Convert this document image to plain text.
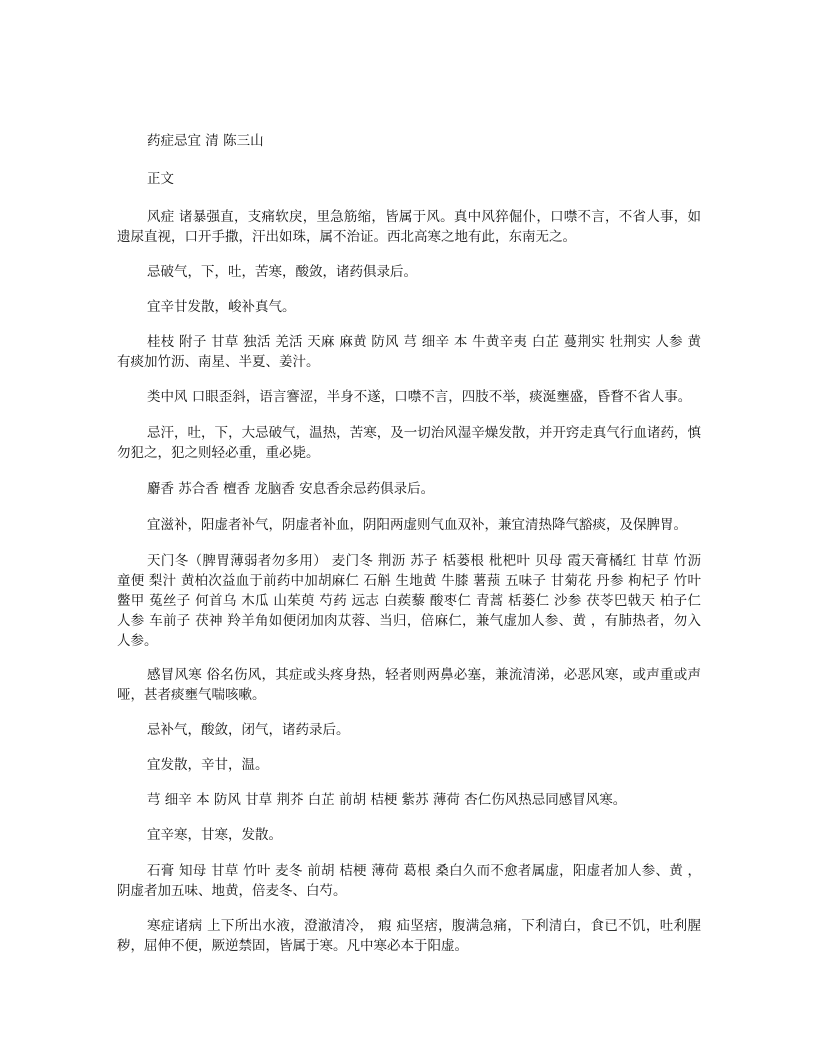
药症忌宜 清 陈三山

正文

风症 诸暴强直，支痛软戾，里急筋缩，皆属于风。真中风猝倔仆，口噤不言，不省人事，如遗尿直视，口开手撒，汗出如珠，属不治证。西北高寒之地有此，东南无之。

忌破气，下，吐，苦寒，酸敛，诸药俱录后。

宜辛甘发散，峻补真气。

桂枝 附子 甘草 独活 羌活 天麻 麻黄 防风 芎 细辛 本 牛黄辛夷 白芷 蔓荆实 牡荆实 人参 黄有痰加竹沥、南星、半夏、姜汁。

类中风 口眼歪斜，语言謇涩，半身不遂，口噤不言，四肢不举，痰涎壅盛，昏瞀不省人事。

忌汗，吐，下，大忌破气，温热，苦寒，及一切治风湿辛燥发散，并开窍走真气行血诸药，慎勿犯之，犯之则轻必重，重必毙。

麝香 苏合香 檀香 龙脑香 安息香余忌药俱录后。

宜滋补，阳虚者补气，阴虚者补血，阴阳两虚则气血双补，兼宜清热降气豁痰，及保脾胃。

天门冬（脾胃薄弱者勿多用） 麦门冬 荆沥 苏子 栝蒌根 枇杷叶 贝母 霞天膏橘红 甘草 竹沥 童便 梨汁 黄柏次益血于前药中加胡麻仁 石斛 生地黄 牛膝 薯蓣 五味子 甘菊花 丹参 枸杞子 竹叶鳖甲 菟丝子 何首乌 木瓜 山茱萸 芍药 远志 白蒺藜 酸枣仁 青蒿 栝蒌仁 沙参 茯苓巴戟天 柏子仁 人参 车前子 茯神 羚羊角如便闭加肉苁蓉、当归，倍麻仁，兼气虚加人参、黄 ，有肺热者，勿入人参。

感冒风寒 俗名伤风，其症或头疼身热，轻者则两鼻必塞，兼流清涕，必恶风寒，或声重或声哑，甚者痰壅气喘咳嗽。

忌补气，酸敛，闭气，诸药录后。

宜发散，辛甘，温。

芎 细辛 本 防风 甘草 荆芥 白芷 前胡 桔梗 紫苏 薄荷 杏仁伤风热忌同感冒风寒。

宜辛寒，甘寒，发散。

石膏 知母 甘草 竹叶 麦冬 前胡 桔梗 薄荷 葛根 桑白久而不愈者属虚，阳虚者加人参、黄 ，阴虚者加五味、地黄，倍麦冬、白芍。

寒症诸病 上下所出水液，澄澈清冷， 瘕 疝坚痞，腹满急痛，下利清白，食已不饥，吐利腥秽，屈伸不便，厥逆禁固，皆属于寒。凡中寒必本于阳虚。
